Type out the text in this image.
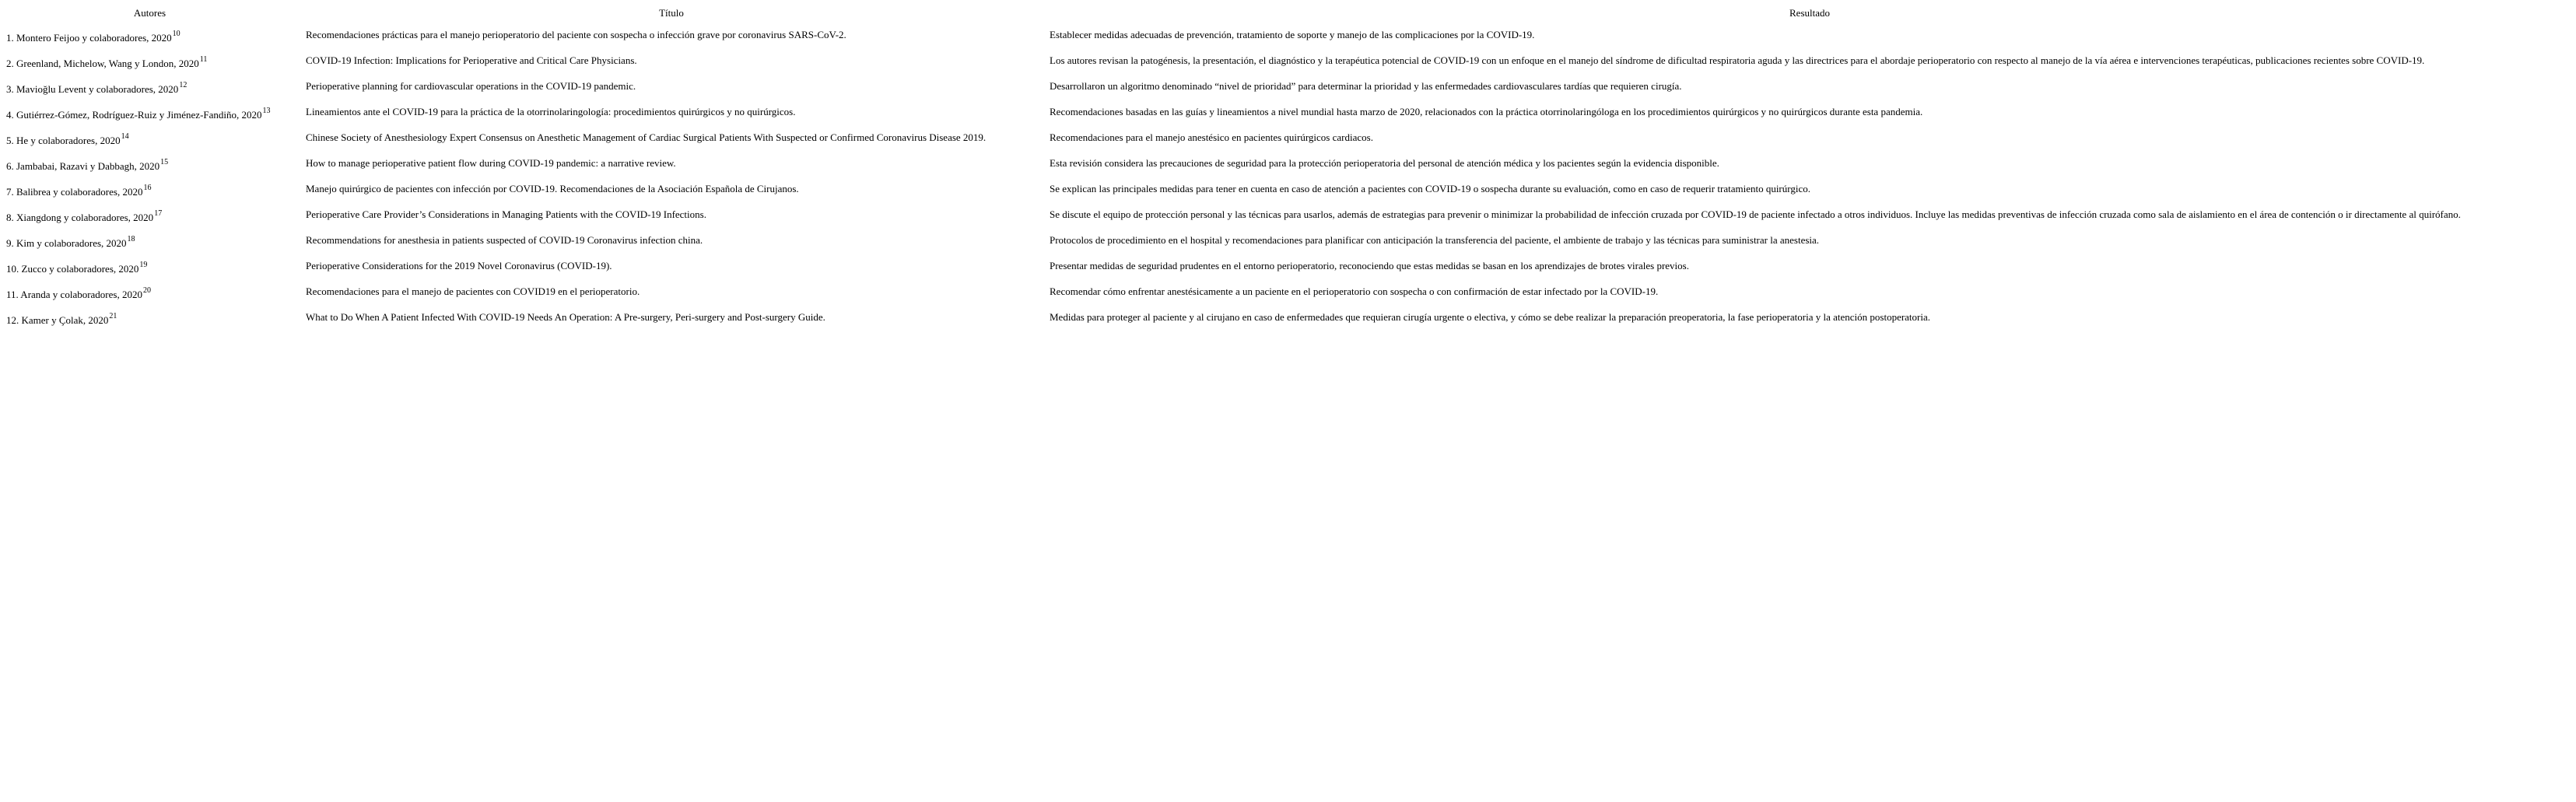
Autores	Título	Resultado
1. Montero Feijoo y colaboradores, 2020$^{10}$	Recomendaciones prácticas para el manejo perioperatorio del paciente con sospecha o infección grave por coronavirus SARS-CoV-2.	Establecer medidas adecuadas de prevención, tratamiento de soporte y manejo de las complicaciones por la COVID-19.
2. Greenland, Michelow, Wang y London, 2020$^{11}$	COVID-19 Infection: Implications for Perioperative and Critical Care Physicians.	Los autores revisan la patogénesis, la presentación, el diagnóstico y la terapéutica potencial de COVID-19 con un enfoque en el manejo del síndrome de dificultad respiratoria aguda y las directrices para el abordaje perioperatorio con respecto al manejo de la vía aérea e intervenciones terapéuticas, publicaciones recientes sobre COVID-19.
3. Mavioğlu Levent y colaboradores, 2020$^{12}$	Perioperative planning for cardiovascular operations in the COVID-19 pandemic.	Desarrollaron un algoritmo denominado “nivel de prioridad” para determinar la prioridad y las enfermedades cardiovasculares tardías que requieren cirugía.
4. Gutiérrez-Gómez, Rodríguez-Ruiz y Jiménez-Fandiño, 2020$^{13}$	Lineamientos ante el COVID-19 para la práctica de la otorrinolaringología: procedimientos quirúrgicos y no quirúrgicos.	Recomendaciones basadas en las guías y lineamientos a nivel mundial hasta marzo de 2020, relacionados con la práctica otorrinolaringóloga en los procedimientos quirúrgicos y no quirúrgicos durante esta pandemia.
5. He y colaboradores, 2020$^{14}$	Chinese Society of Anesthesiology Expert Consensus on Anesthetic Management of Cardiac Surgical Patients With Suspected or Confirmed Coronavirus Disease 2019.	Recomendaciones para el manejo anestésico en pacientes quirúrgicos cardiacos.
6. Jambabai, Razavi y Dabbagh, 2020$^{15}$	How to manage perioperative patient flow during COVID-19 pandemic: a narrative review.	Esta revisión considera las precauciones de seguridad para la protección perioperatoria del personal de atención médica y los pacientes según la evidencia disponible.
7. Balibrea y colaboradores, 2020$^{16}$	Manejo quirúrgico de pacientes con infección por COVID-19. Recomendaciones de la Asociación Española de Cirujanos.	Se explican las principales medidas para tener en cuenta en caso de atención a pacientes con COVID-19 o sospecha durante su evaluación, como en caso de requerir tratamiento quirúrgico.
8. Xiangdong y colaboradores, 2020$^{17}$	Perioperative Care Provider’s Considerations in Managing Patients with the COVID-19 Infections.	Se discute el equipo de protección personal y las técnicas para usarlos, además de estrategias para prevenir o minimizar la probabilidad de infección cruzada por COVID-19 de paciente infectado a otros individuos. Incluye las medidas preventivas de infección cruzada como sala de aislamiento en el área de contención o ir directamente al quirófano.
9. Kim y colaboradores, 2020$^{18}$	Recommendations for anesthesia in patients suspected of COVID-19 Coronavirus infection china.	Protocolos de procedimiento en el hospital y recomendaciones para planificar con anticipación la transferencia del paciente, el ambiente de trabajo y las técnicas para suministrar la anestesia.
10. Zucco y colaboradores, 2020$^{19}$	Perioperative Considerations for the 2019 Novel Coronavirus (COVID-19).	Presentar medidas de seguridad prudentes en el entorno perioperatorio, reconociendo que estas medidas se basan en los aprendizajes de brotes virales previos.
11. Aranda y colaboradores, 2020$^{20}$	Recomendaciones para el manejo de pacientes con COVID19 en el perioperatorio.	Recomendar cómo enfrentar anestésicamente a un paciente en el perioperatorio con sospecha o con confirmación de estar infectado por la COVID-19.
12. Kamer y Çolak, 2020$^{21}$	What to Do When A Patient Infected With COVID-19 Needs An Operation: A Pre-surgery, Peri-surgery and Post-surgery Guide.	Medidas para proteger al paciente y al cirujano en caso de enfermedades que requieran cirugía urgente o electiva, y cómo se debe realizar la preparación preoperatoria, la fase perioperatoria y la atención postoperatoria.
